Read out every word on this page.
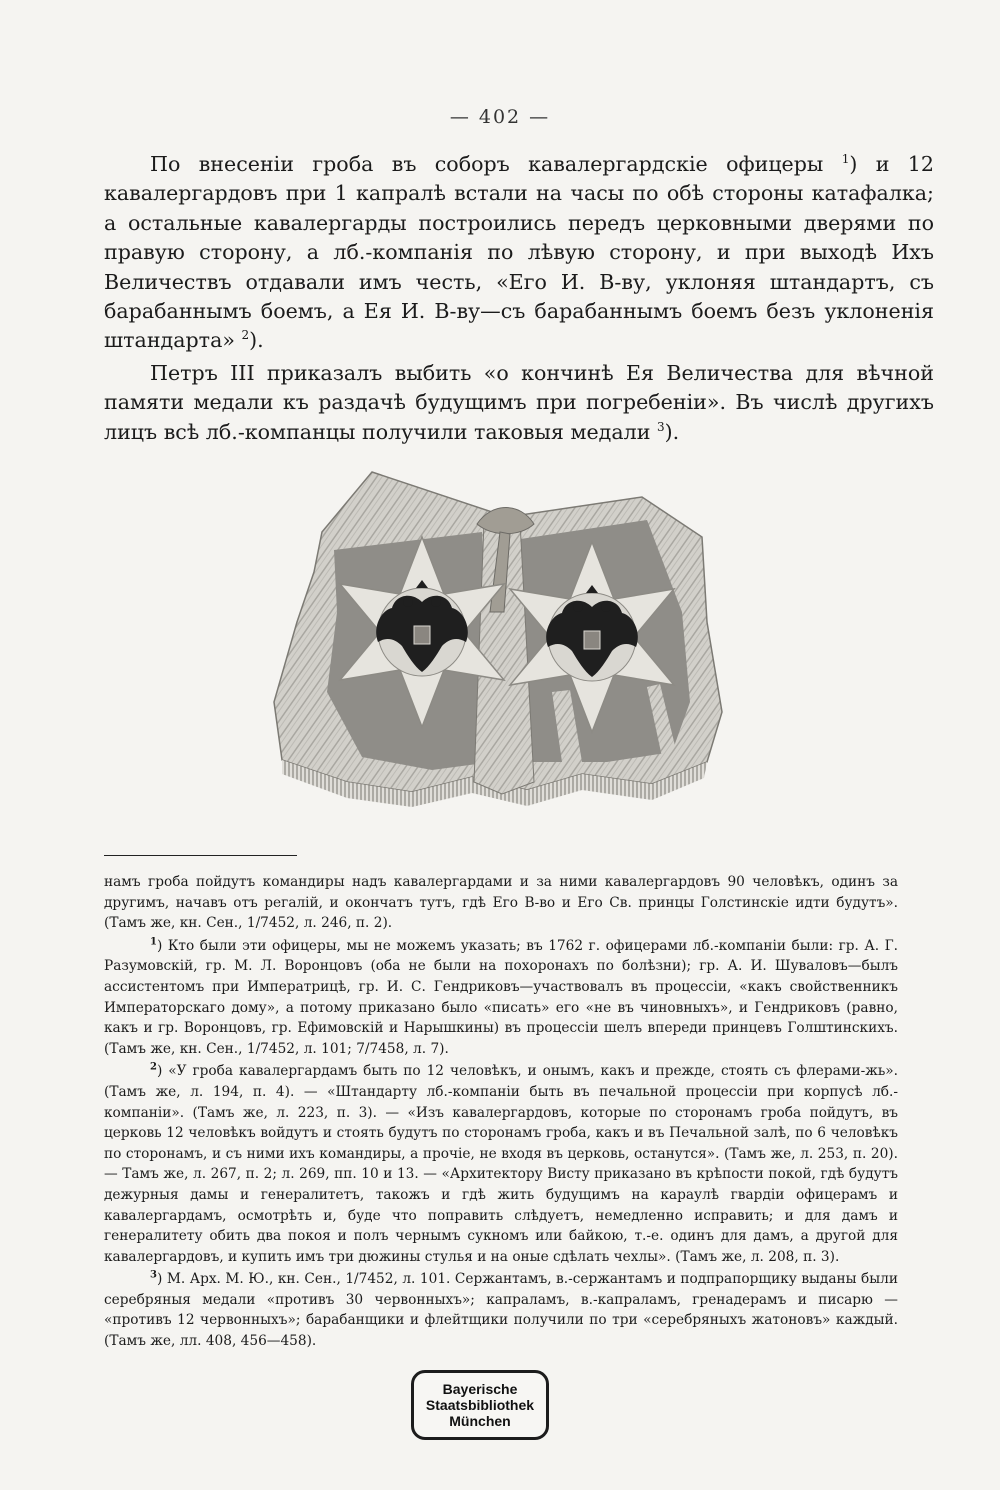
— 402 —

По внесеніи гроба въ соборъ кавалергардскіе офицеры $^1$) и 12 кавалергардовъ при 1 капралѣ встали на часы по обѣ стороны катафалка; а остальные кавалергарды построились передъ церковными дверями по правую сторону, а лб.-компанія по лѣвую сторону, и при выходѣ Ихъ Величествъ отдавали имъ честь, «Его И. В-ву, уклоняя штандартъ, съ барабаннымъ боемъ, а Ея И. В-ву—съ барабаннымъ боемъ безъ уклоненія штандарта» $^2$).

Петръ III приказалъ выбить «о кончинѣ Ея Величества для вѣчной памяти медали къ раздачѣ будущимъ при погребеніи». Въ числѣ другихъ лицъ всѣ лб.-компанцы получили таковыя медали $^3$).

намъ гроба пойдутъ командиры надъ кавалергардами и за ними кавалергардовъ 90 человѣкъ, одинъ за другимъ, начавъ отъ регалій, и окончатъ тутъ, гдѣ Его В-во и Его Св. принцы Голстинскіе идти будутъ». (Тамъ же, кн. Сен., 1/7452, л. 246, п. 2).

$^1$) Кто были эти офицеры, мы не можемъ указать; въ 1762 г. офицерами лб.-компаніи были: гр. А. Г. Разумовскій, гр. М. Л. Воронцовъ (оба не были на похоронахъ по болѣзни); гр. А. И. Шуваловъ—былъ ассистентомъ при Императрицѣ, гр. И. С. Гендриковъ—участвовалъ въ процессіи, «какъ свойственникъ Императорскаго дому», а потому приказано было «писать» его «не въ чиновныхъ», и Гендриковъ (равно, какъ и гр. Воронцовъ, гр. Ефимовскій и Нарышкины) въ процессіи шелъ впереди принцевъ Голштинскихъ. (Тамъ же, кн. Сен., 1/7452, л. 101; 7/7458, л. 7).

$^2$) «У гроба кавалергардамъ быть по 12 человѣкъ, и онымъ, какъ и прежде, стоять съ флерами-жь». (Тамъ же, л. 194, п. 4). — «Штандарту лб.-компаніи быть въ печальной процессіи при корпусѣ лб.-компаніи». (Тамъ же, л. 223, п. 3). — «Изъ кавалергардовъ, которые по сторонамъ гроба пойдутъ, въ церковь 12 человѣкъ войдутъ и стоять будутъ по сторонамъ гроба, какъ и въ Печальной залѣ, по 6 человѣкъ по сторонамъ, и съ ними ихъ командиры, а прочіе, не входя въ церковь, останутся». (Тамъ же, л. 253, п. 20). — Тамъ же, л. 267, п. 2; л. 269, пп. 10 и 13. — «Архитектору Висту приказано въ крѣпости покой, гдѣ будутъ дежурныя дамы и генералитетъ, такожъ и гдѣ жить будущимъ на караулѣ гвардіи офицерамъ и кавалергардамъ, осмотрѣть и, буде что поправить слѣдуетъ, немедленно исправить; и для дамъ и генералитету обить два покоя и полъ чернымъ сукномъ или байкою, т.-е. одинъ для дамъ, а другой для кавалергардовъ, и купить имъ три дюжины стулья и на оные сдѣлать чехлы». (Тамъ же, л. 208, п. 3).

$^3$) М. Арх. М. Ю., кн. Сен., 1/7452, л. 101. Сержантамъ, в.-сержантамъ и подпрапорщику выданы были серебряныя медали «противъ 30 червонныхъ»; капраламъ, в.-капраламъ, гренадерамъ и писарю — «противъ 12 червонныхъ»; барабанщики и флейтщики получили по три «серебряныхъ жатоновъ» каждый. (Тамъ же, лл. 408, 456—458).

Bayerische
Staatsbibliothek
München
